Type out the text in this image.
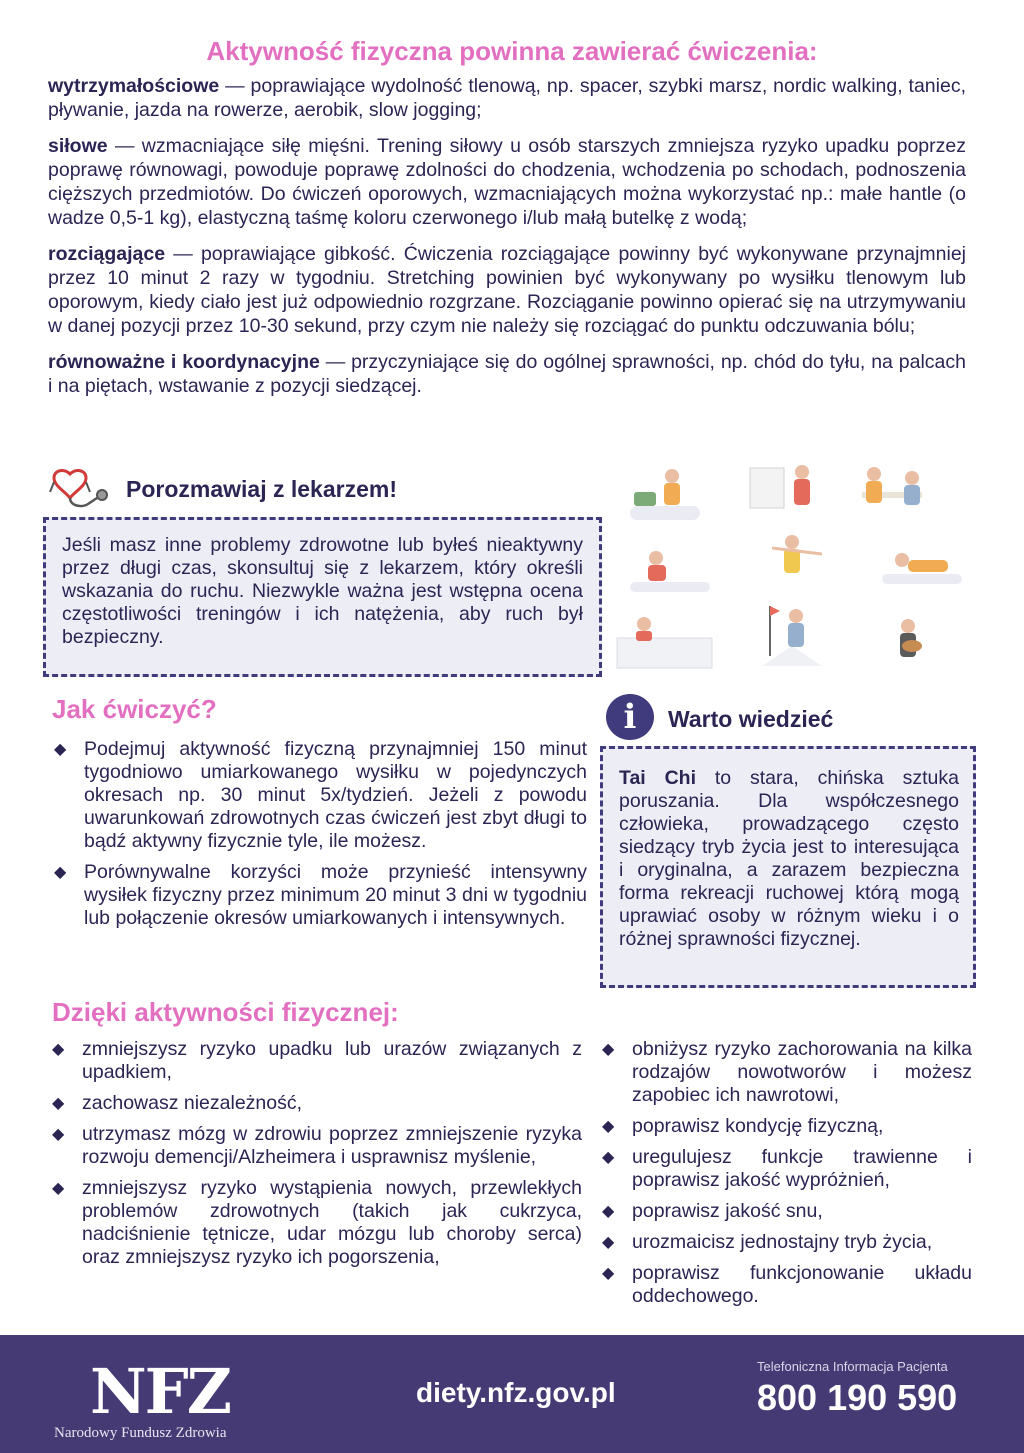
Aktywność fizyczna powinna zawierać ćwiczenia:

wytrzymałościowe — poprawiające wydolność tlenową, np. spacer, szybki marsz, nordic walking, taniec, pływanie, jazda na rowerze, aerobik, slow jogging;

siłowe — wzmacniające siłę mięśni. Trening siłowy u osób starszych zmniejsza ryzyko upadku poprzez poprawę równowagi, powoduje poprawę zdolności do chodzenia, wchodzenia po schodach, podnoszenia cięższych przedmiotów. Do ćwiczeń oporowych, wzmacniających można wykorzystać np.: małe hantle (o wadze 0,5-1 kg), elastyczną taśmę koloru czerwonego i/lub małą butelkę z wodą;

rozciągające — poprawiające gibkość. Ćwiczenia rozciągające powinny być wykonywane przynajmniej przez 10 minut 2 razy w tygodniu. Stretching powinien być wykonywany po wysiłku tlenowym lub oporowym, kiedy ciało jest już odpowiednio rozgrzane. Rozciąganie powinno opierać się na utrzymywaniu w danej pozycji przez 10-30 sekund, przy czym nie należy się rozciągać do punktu odczuwania bólu;

równoważne i koordynacyjne — przyczyniające się do ogólnej sprawności, np. chód do tyłu, na palcach i na piętach, wstawanie z pozycji siedzącej.

Porozmawiaj z lekarzem!
Jeśli masz inne problemy zdrowotne lub byłeś nieaktywny przez długi czas, skonsultuj się z lekarzem, który określi wskazania do ruchu. Niezwykle ważna jest wstępna ocena częstotliwości treningów i ich natężenia, aby ruch był bezpieczny.
Jak ćwiczyć?
◆ Podejmuj aktywność fizyczną przynajmniej 150 minut tygodniowo umiarkowanego wysiłku w pojedynczych okresach np. 30 minut 5x/tydzień. Jeżeli z powodu uwarunkowań zdrowotnych czas ćwiczeń jest zbyt długi to bądź aktywny fizycznie tyle, ile możesz.
◆ Porównywalne korzyści może przynieść intensywny wysiłek fizyczny przez minimum 20 minut 3 dni w tygodniu lub połączenie okresów umiarkowanych i intensywnych.
i	Warto wiedzieć
Tai Chi to stara, chińska sztuka poruszania. Dla współczesnego człowieka, prowadzącego często siedzący tryb życia jest to interesująca i oryginalna, a zarazem bezpieczna forma rekreacji ruchowej którą mogą uprawiać osoby w różnym wieku i o różnej sprawności fizycznej.
Dzięki aktywności fizycznej:
◆ zmniejszysz ryzyko upadku lub urazów związanych z upadkiem,
◆ zachowasz niezależność,
◆ utrzymasz mózg w zdrowiu poprzez zmniejszenie ryzyka rozwoju demencji/Alzheimera i usprawnisz myślenie,
◆ zmniejszysz ryzyko wystąpienia nowych, przewlekłych problemów zdrowotnych (takich jak cukrzyca, nadciśnienie tętnicze, udar mózgu lub choroby serca) oraz zmniejszysz ryzyko ich pogorszenia,
◆ obniżysz ryzyko zachorowania na kilka rodzajów nowotworów i możesz zapobiec ich nawrotowi,
◆ poprawisz kondycję fizyczną,
◆ uregulujesz funkcje trawienne i poprawisz jakość wypróżnień,
◆ poprawisz jakość snu,
◆ urozmaicisz jednostajny tryb życia,
◆ poprawisz funkcjonowanie układu oddechowego.
NFZ
Narodowy Fundusz Zdrowia
diety.nfz.gov.pl
Telefoniczna Informacja Pacjenta
800 190 590
